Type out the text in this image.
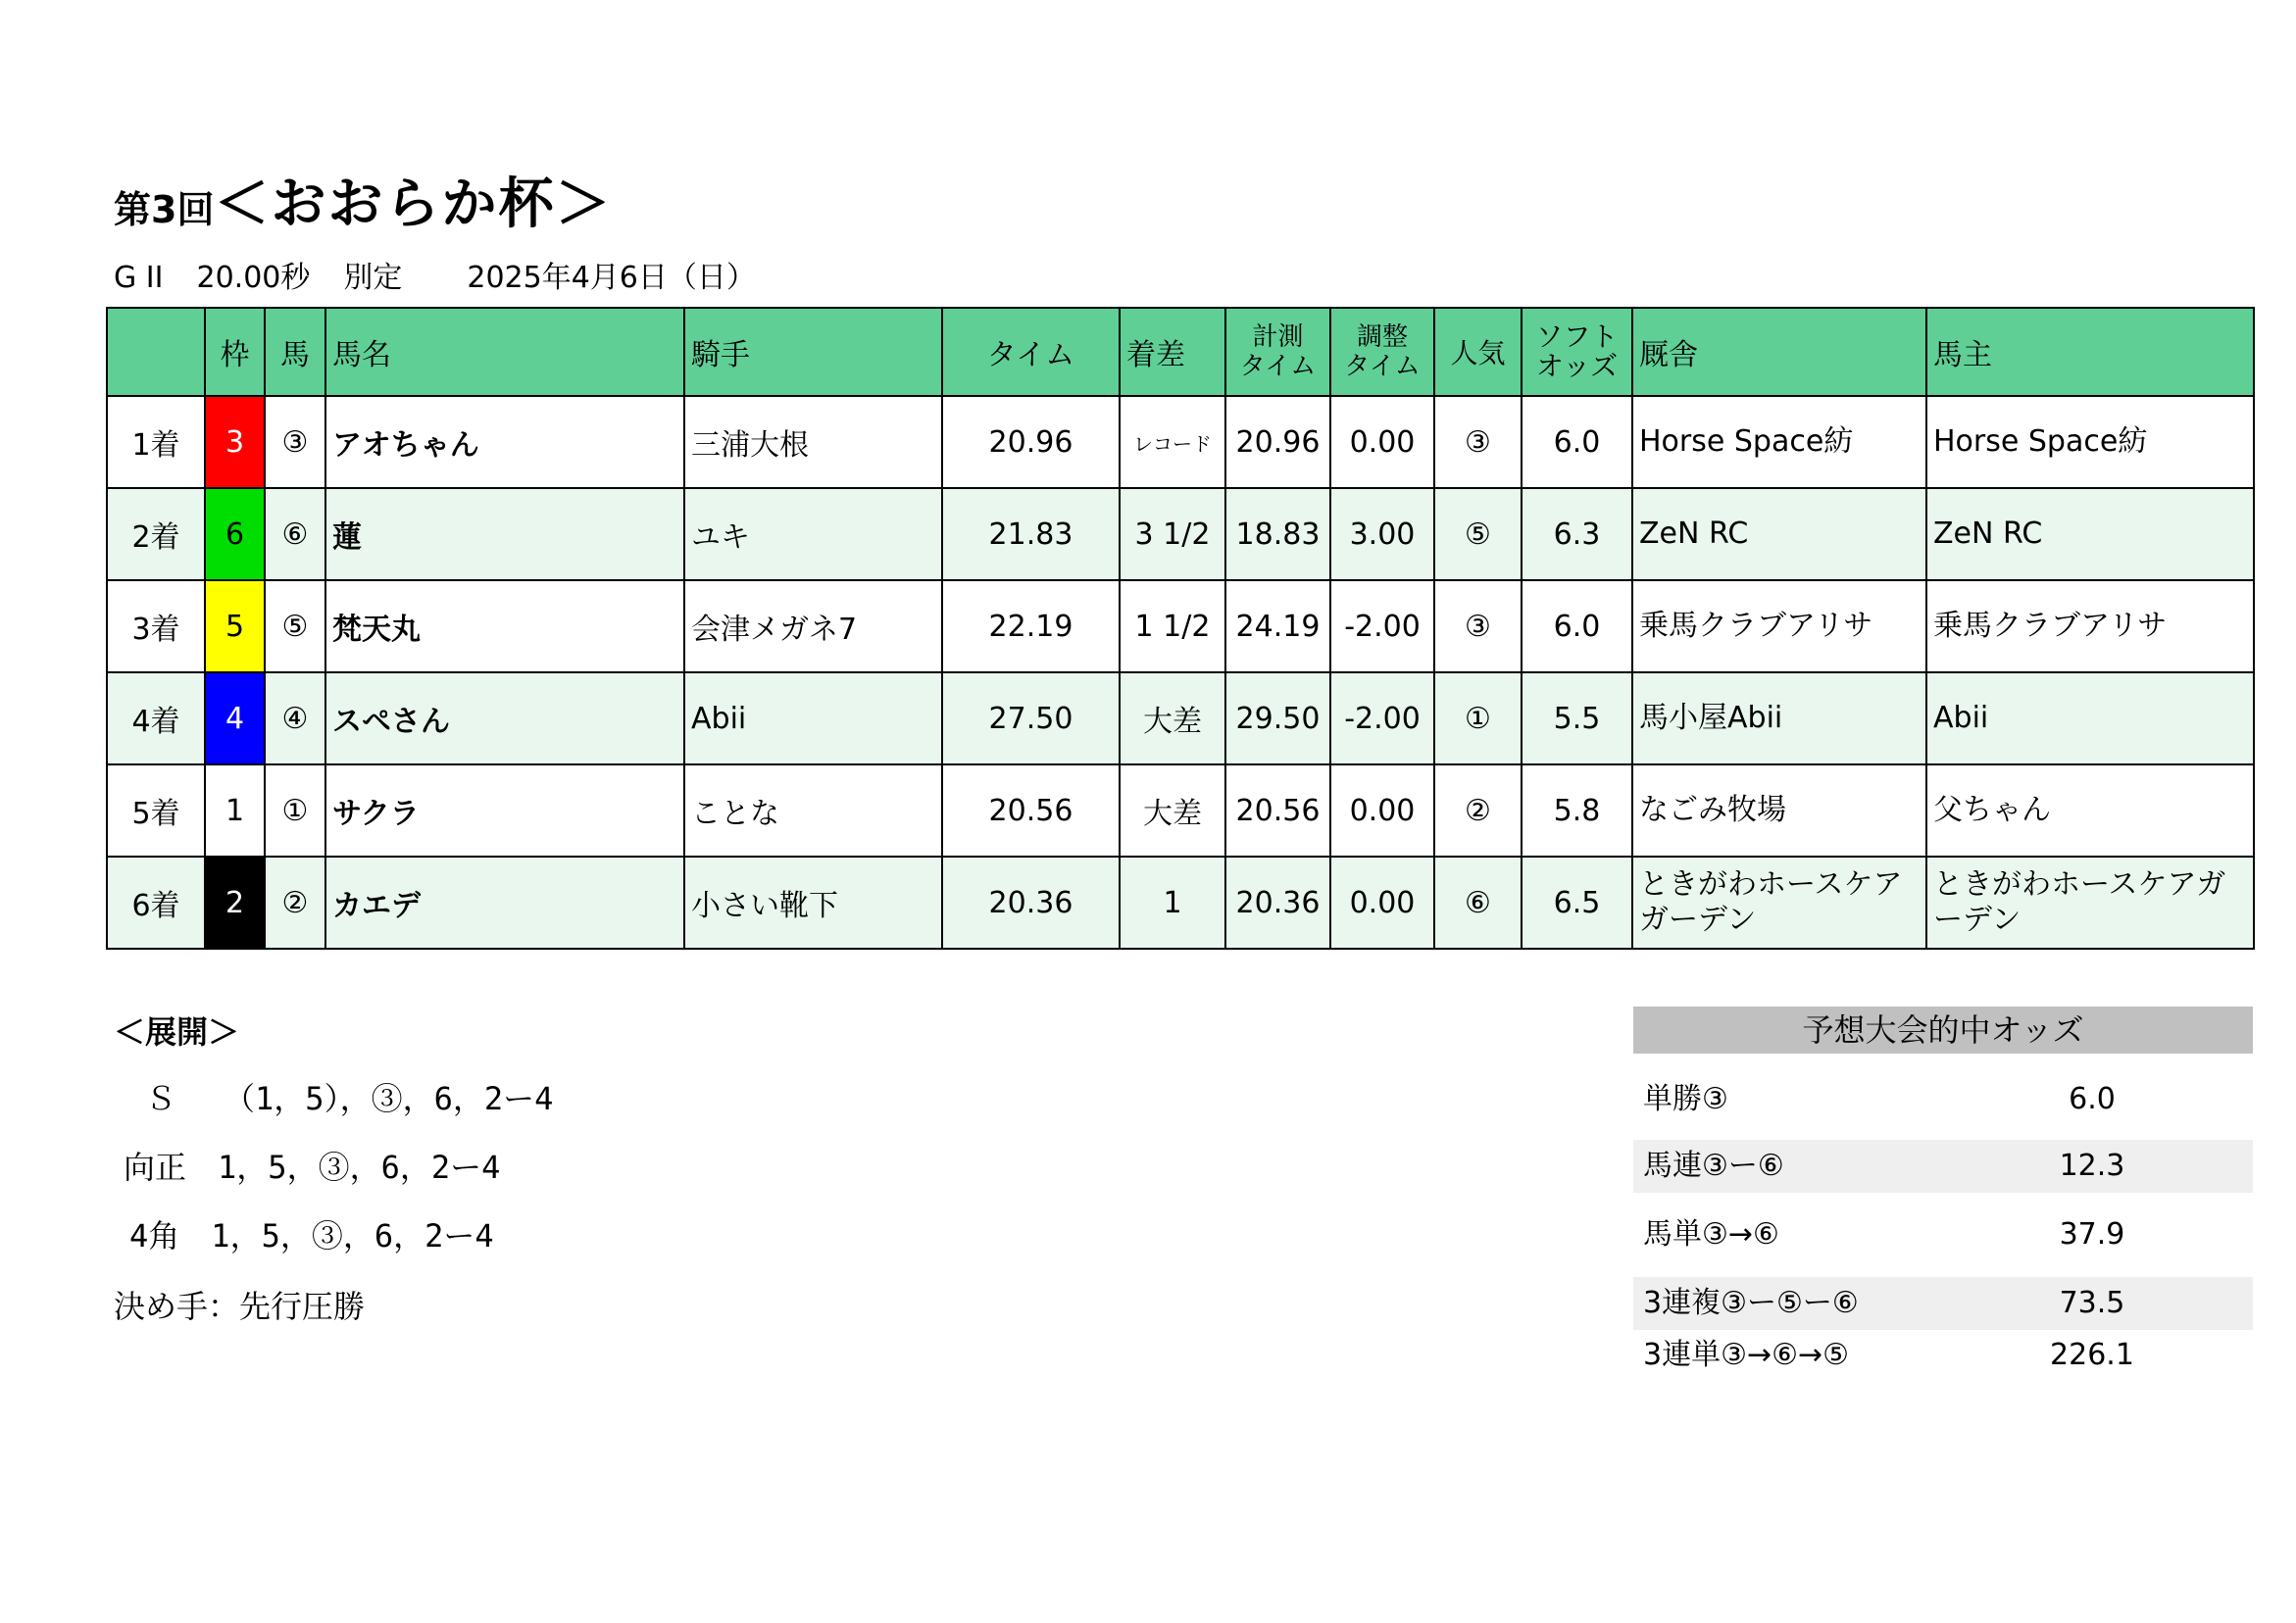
第3回＜おおらか杯＞
G II 20.00秒 別定 2025年4月6日（日）
	枠	馬	馬名	騎手	タイム	着差	計測
タイム	調整
タイム	人気	ソフト
オッズ	厩舎	馬主
1着	3	③	アオちゃん	三浦大根	20.96	レコード	20.96	0.00	③	6.0	Horse Space紡	Horse Space紡
2着	6	⑥	蓮	ユキ	21.83	3 1/2	18.83	3.00	⑤	6.3	ZeN RC	ZeN RC
3着	5	⑤	梵天丸	会津メガネ7	22.19	1 1/2	24.19	-2.00	③	6.0	乗馬クラブアリサ	乗馬クラブアリサ
4着	4	④	スペさん	Abii	27.50	大差	29.50	-2.00	①	5.5	馬小屋Abii	Abii
5着	1	①	サクラ	ことな	20.56	大差	20.56	0.00	②	5.8	なごみ牧場	父ちゃん
6着	2	②	カエデ	小さい靴下	20.36	1	20.36	0.00	⑥	6.5	ときがわホースケアガーデン	ときがわホースケアガーデン
＜展開＞
Ｓ　　 （1，5），③，6，2ー4
向正　 1，5，③，6，2ー4
4角　 1，5，③，6，2ー4
決め手：先行圧勝
予想大会的中オッズ
単勝③	6.0
馬連③ー⑥	12.3
馬単③→⑥	37.9
3連複③ー⑤ー⑥	73.5
3連単③→⑥→⑤	226.1
